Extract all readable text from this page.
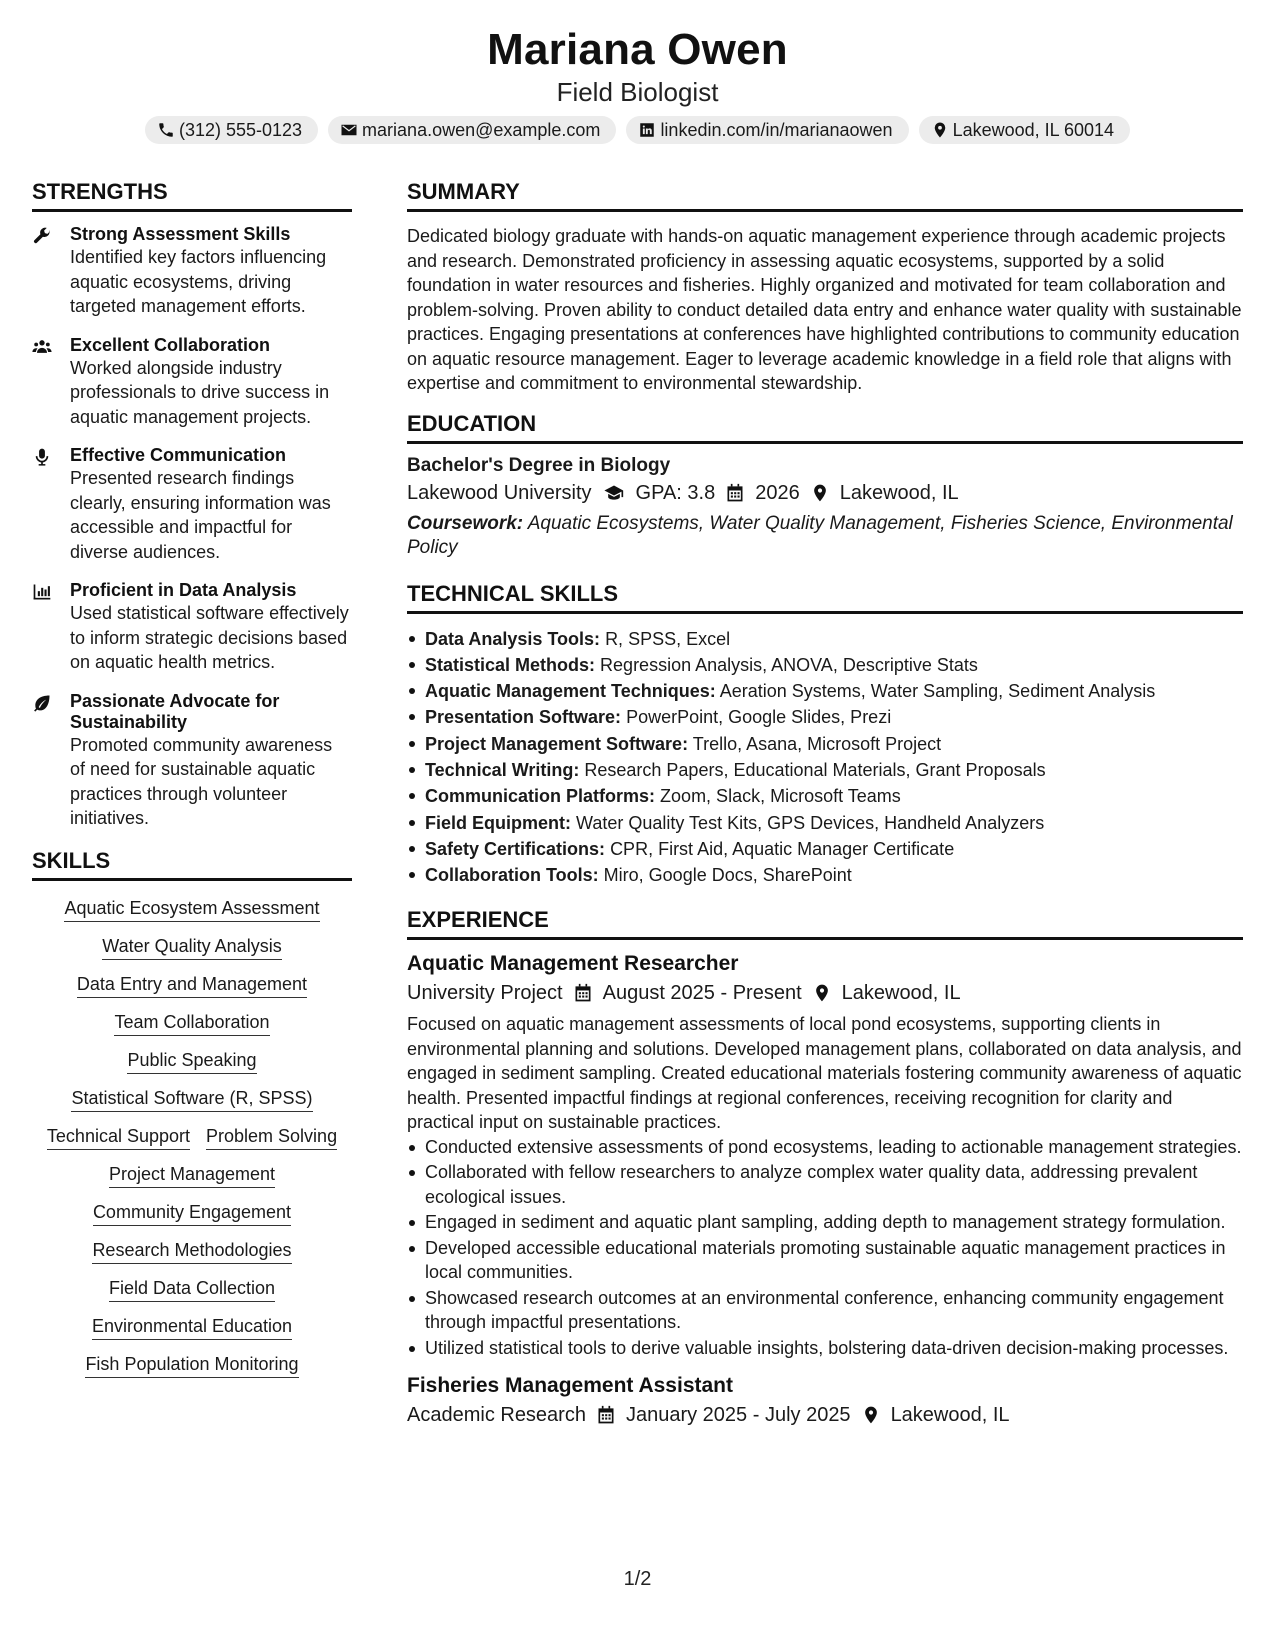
Mariana Owen
Field Biologist
(312) 555-0123	mariana.owen@example.com	linkedin.com/in/marianaowen	Lakewood, IL 60014
STRENGTHS
Strong Assessment Skills
Identified key factors influencing aquatic ecosystems, driving targeted management efforts.
Excellent Collaboration
Worked alongside industry professionals to drive success in aquatic management projects.
Effective Communication
Presented research findings clearly, ensuring information was accessible and impactful for diverse audiences.
Proficient in Data Analysis
Used statistical software effectively to inform strategic decisions based on aquatic health metrics.
Passionate Advocate for Sustainability
Promoted community awareness of need for sustainable aquatic practices through volunteer initiatives.
SKILLS
Aquatic Ecosystem Assessment
Water Quality Analysis
Data Entry and Management
Team Collaboration
Public Speaking
Statistical Software (R, SPSS)
Technical Support Problem Solving
Project Management
Community Engagement
Research Methodologies
Field Data Collection
Environmental Education
Fish Population Monitoring
SUMMARY
Dedicated biology graduate with hands-on aquatic management experience through academic projects and research. Demonstrated proficiency in assessing aquatic ecosystems, supported by a solid foundation in water resources and fisheries. Highly organized and motivated for team collaboration and problem-solving. Proven ability to conduct detailed data entry and enhance water quality with sustainable practices. Engaging presentations at conferences have highlighted contributions to community education on aquatic resource management. Eager to leverage academic knowledge in a field role that aligns with expertise and commitment to environmental stewardship.
EDUCATION
Bachelor's Degree in Biology
Lakewood University GPA: 3.8 2026 Lakewood, IL
Coursework: Aquatic Ecosystems, Water Quality Management, Fisheries Science, Environmental Policy
TECHNICAL SKILLS
Data Analysis Tools: R, SPSS, Excel
Statistical Methods: Regression Analysis, ANOVA, Descriptive Stats
Aquatic Management Techniques: Aeration Systems, Water Sampling, Sediment Analysis
Presentation Software: PowerPoint, Google Slides, Prezi
Project Management Software: Trello, Asana, Microsoft Project
Technical Writing: Research Papers, Educational Materials, Grant Proposals
Communication Platforms: Zoom, Slack, Microsoft Teams
Field Equipment: Water Quality Test Kits, GPS Devices, Handheld Analyzers
Safety Certifications: CPR, First Aid, Aquatic Manager Certificate
Collaboration Tools: Miro, Google Docs, SharePoint
EXPERIENCE
Aquatic Management Researcher
University Project August 2025 - Present Lakewood, IL
Focused on aquatic management assessments of local pond ecosystems, supporting clients in environmental planning and solutions. Developed management plans, collaborated on data analysis, and engaged in sediment sampling. Created educational materials fostering community awareness of aquatic health. Presented impactful findings at regional conferences, receiving recognition for clarity and practical input on sustainable practices.
Conducted extensive assessments of pond ecosystems, leading to actionable management strategies.
Collaborated with fellow researchers to analyze complex water quality data, addressing prevalent ecological issues.
Engaged in sediment and aquatic plant sampling, adding depth to management strategy formulation.
Developed accessible educational materials promoting sustainable aquatic management practices in local communities.
Showcased research outcomes at an environmental conference, enhancing community engagement through impactful presentations.
Utilized statistical tools to derive valuable insights, bolstering data-driven decision-making processes.
Fisheries Management Assistant
Academic Research January 2025 - July 2025 Lakewood, IL
1/2
